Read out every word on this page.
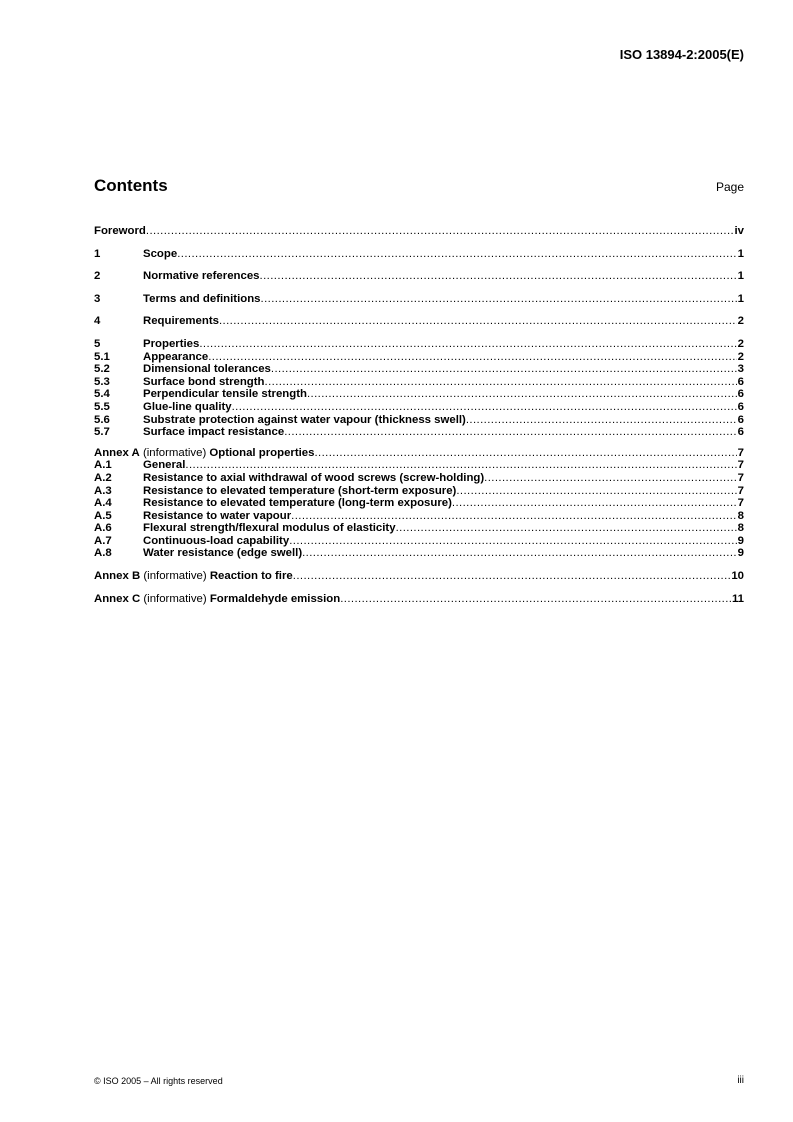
ISO 13894-2:2005(E)
Contents	Page
Foreword .....	iv
1	Scope .....	1
2	Normative references .....	1
3	Terms and definitions .....	1
4	Requirements .....	2
5	Properties .....	2
5.1	Appearance .....	2
5.2	Dimensional tolerances .....	3
5.3	Surface bond strength .....	6
5.4	Perpendicular tensile strength .....	6
5.5	Glue-line quality .....	6
5.6	Substrate protection against water vapour (thickness swell) .....	6
5.7	Surface impact resistance .....	6
Annex A (informative) Optional properties .....	7
A.1	General .....	7
A.2	Resistance to axial withdrawal of wood screws (screw-holding) .....	7
A.3	Resistance to elevated temperature (short-term exposure) .....	7
A.4	Resistance to elevated temperature (long-term exposure) .....	7
A.5	Resistance to water vapour .....	8
A.6	Flexural strength/flexural modulus of elasticity .....	8
A.7	Continuous-load capability .....	9
A.8	Water resistance (edge swell) .....	9
Annex B (informative) Reaction to fire .....	10
Annex C (informative) Formaldehyde emission .....	11
© ISO 2005 – All rights reserved	iii
